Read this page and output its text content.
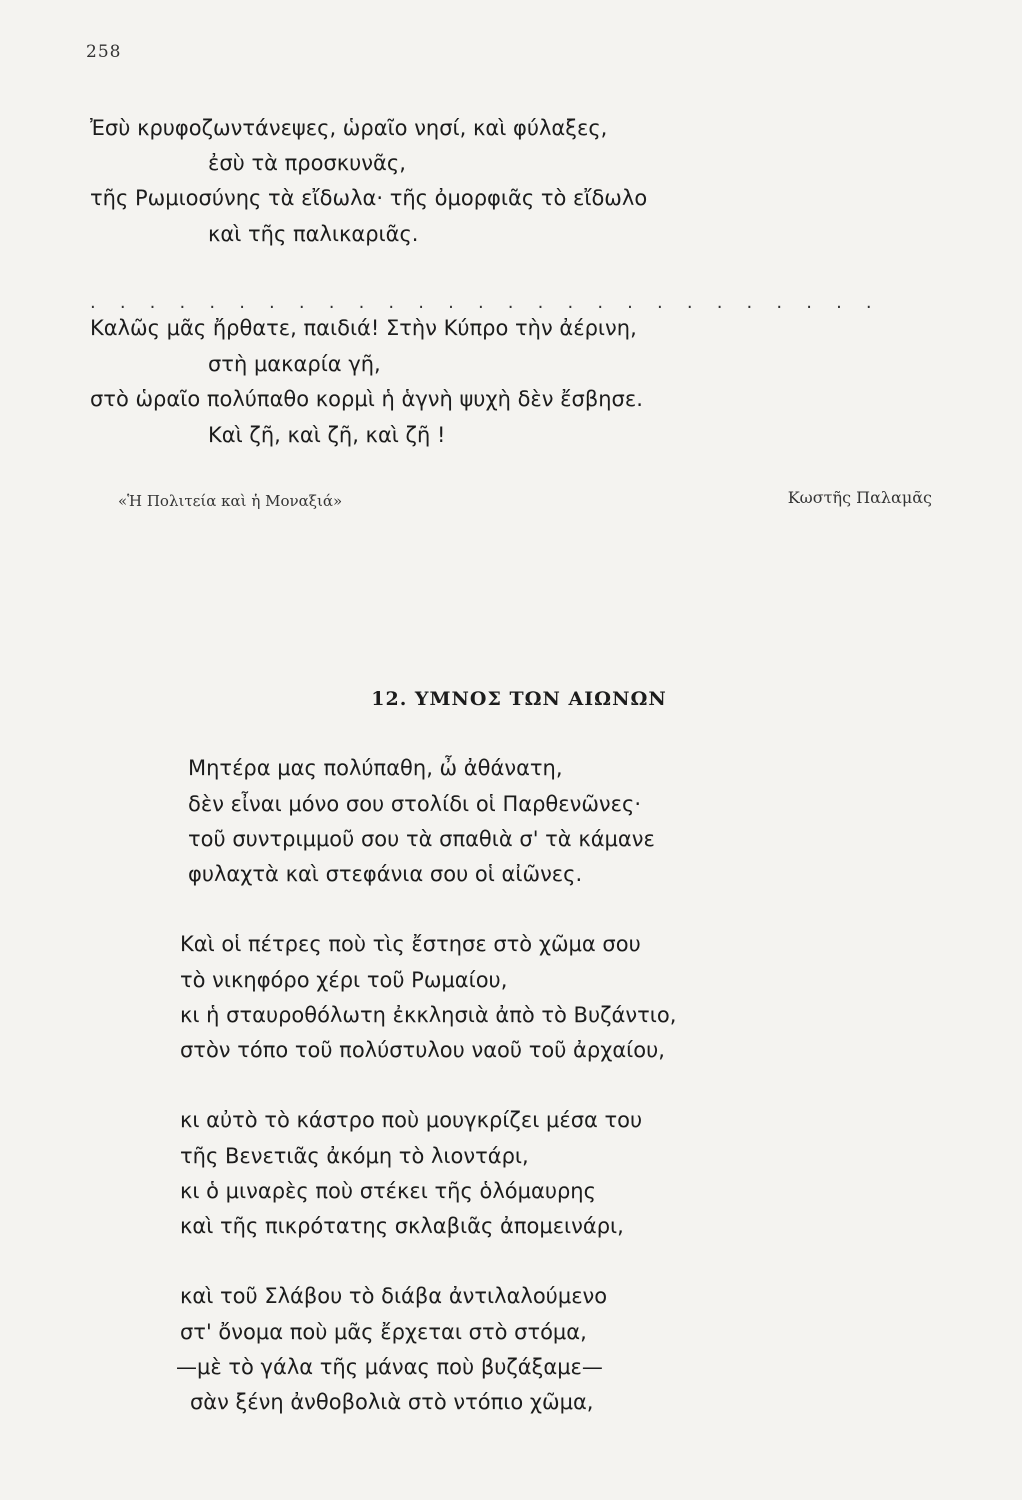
258
Ἐσὺ κρυφοζωντάνεψες, ὡραῖο νησί, καὶ φύλαξες,
ἐσὺ τὰ προσκυνᾶς,
τῆς Ρωμιοσύνης τὰ εἴδωλα· τῆς ὀμορφιᾶς τὸ εἴδωλο
καὶ τῆς παλικαριᾶς.
. . . . . . . . . . . . . . . . . . . . . . . . . . .
Καλῶς μᾶς ἤρθατε, παιδιά! Στὴν Κύπρο τὴν ἀέρινη,
στὴ μακαρία γῆ,
στὸ ὡραῖο πολύπαθο κορμὶ ἡ ἁγνὴ ψυχὴ δὲν ἔσβησε.
Καὶ ζῆ, καὶ ζῆ, καὶ ζῆ !
«Ἡ Πολιτεία καὶ ἡ Μοναξιά»	Κωστῆς Παλαμᾶς
12. ΥΜΝΟΣ ΤΩΝ ΑΙΩΝΩΝ
Μητέρα μας πολύπαθη, ὦ ἀθάνατη,
δὲν εἶναι μόνο σου στολίδι οἱ Παρθενῶνες·
τοῦ συντριμμοῦ σου τὰ σπαθιὰ σ' τὰ κάμανε
φυλαχτὰ καὶ στεφάνια σου οἱ αἰῶνες.
Καὶ οἱ πέτρες ποὺ τὶς ἔστησε στὸ χῶμα σου
τὸ νικηφόρο χέρι τοῦ Ρωμαίου,
κι ἡ σταυροθόλωτη ἐκκλησιὰ ἀπὸ τὸ Βυζάντιο,
στὸν τόπο τοῦ πολύστυλου ναοῦ τοῦ ἀρχαίου,
κι αὐτὸ τὸ κάστρο ποὺ μουγκρίζει μέσα του
τῆς Βενετιᾶς ἀκόμη τὸ λιοντάρι,
κι ὁ μιναρὲς ποὺ στέκει τῆς ὁλόμαυρης
καὶ τῆς πικρότατης σκλαβιᾶς ἀπομεινάρι,
καὶ τοῦ Σλάβου τὸ διάβα ἀντιλαλούμενο
στ' ὄνομα ποὺ μᾶς ἔρχεται στὸ στόμα,
—μὲ τὸ γάλα τῆς μάνας ποὺ βυζάξαμε—
σὰν ξένη ἀνθοβολιὰ στὸ ντόπιο χῶμα,
